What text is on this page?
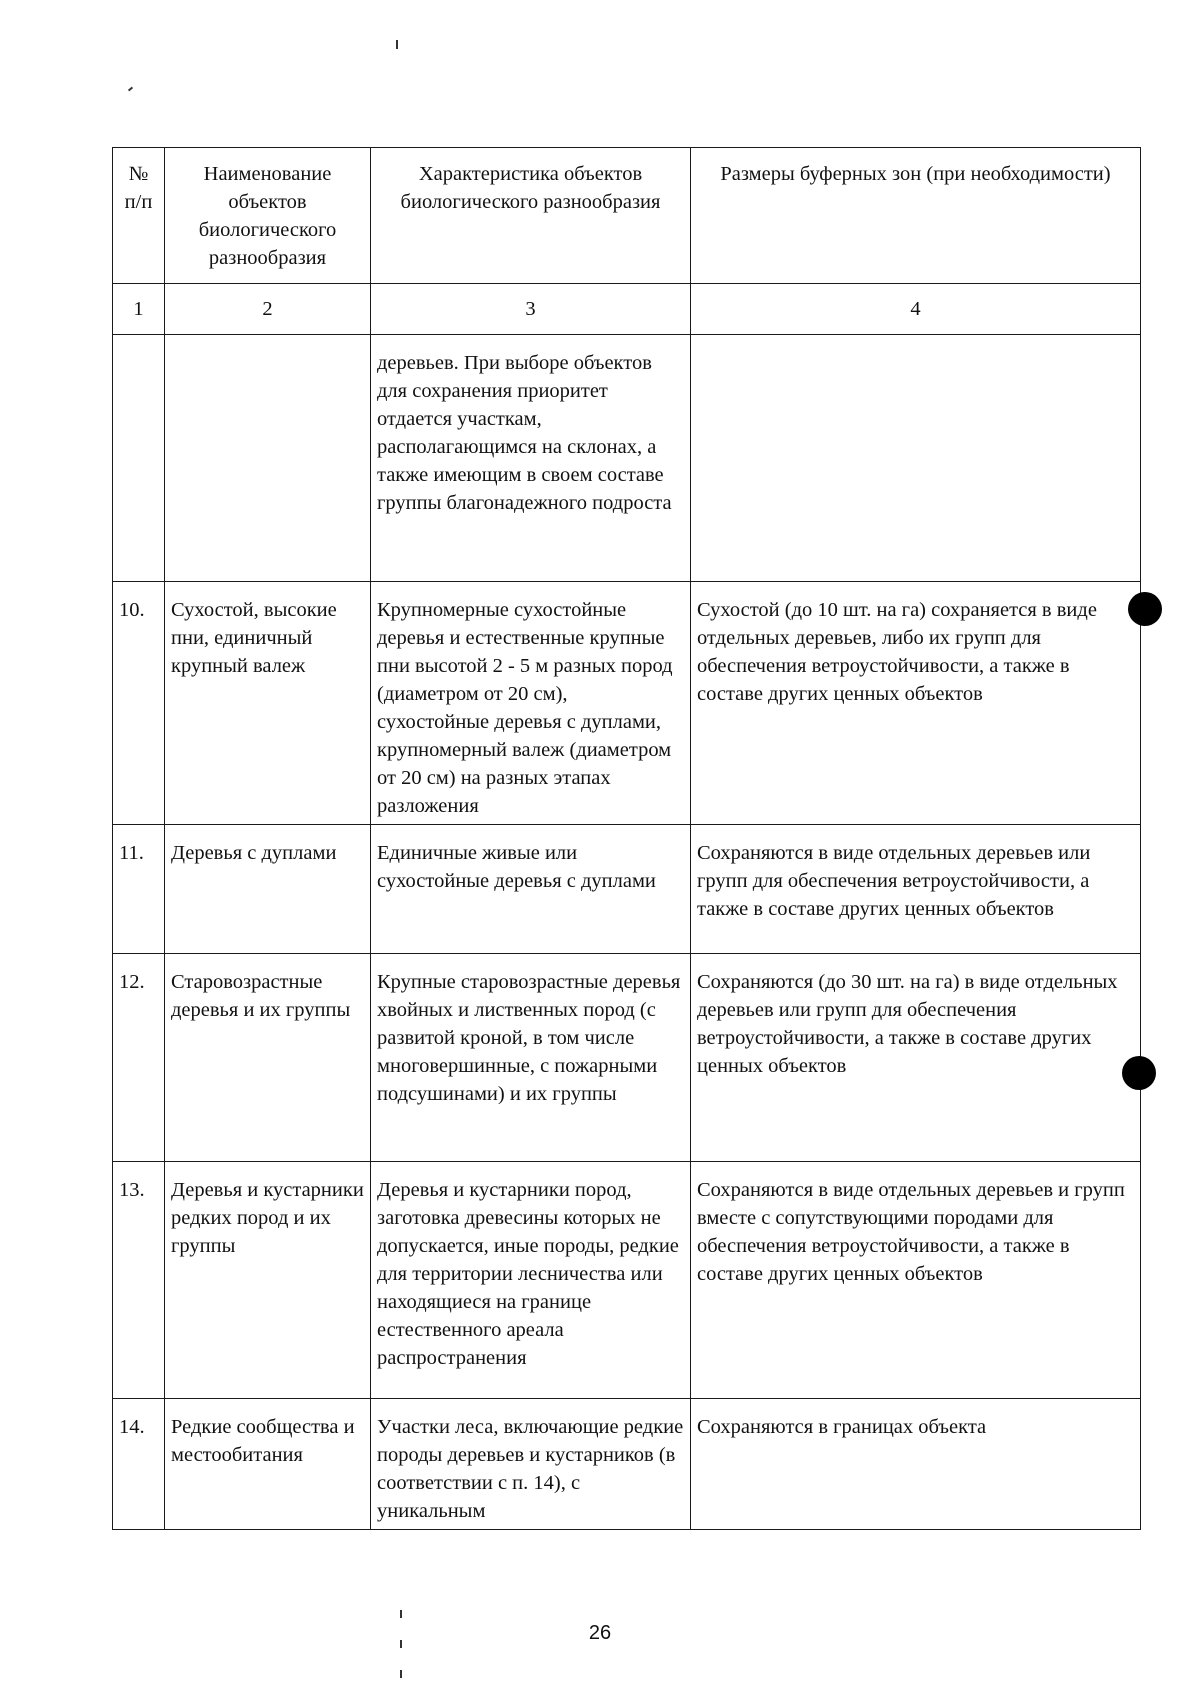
№ п/п	Наименование объектов биологического разнообразия	Характеристика объектов биологического разнообразия	Размеры буферных зон (при необходимости)
1	2	3	4
		деревьев. При выборе объектов для сохранения приоритет отдается участкам, располагающимся на склонах, а также имеющим в своем составе группы благонадежного подроста	
10.	Сухостой, высокие пни, единичный крупный валеж	Крупномерные сухостойные деревья и естественные крупные пни высотой 2 - 5 м разных пород (диаметром от 20 см), сухостойные деревья с дуплами, крупномерный валеж (диаметром от 20 см) на разных этапах разложения	Сухостой (до 10 шт. на га) сохраняется в виде отдельных деревьев, либо их групп для обеспечения ветроустойчивости, а также в составе других ценных объектов
11.	Деревья с дуплами	Единичные живые или сухостойные деревья с дуплами	Сохраняются в виде отдельных деревьев или групп для обеспечения ветроустойчивости, а также в составе других ценных объектов
12.	Старовозрастные деревья и их группы	Крупные старовозрастные деревья хвойных и лиственных пород (с развитой кроной, в том числе многовершинные, с пожарными подсушинами) и их группы	Сохраняются (до 30 шт. на га) в виде отдельных деревьев или групп для обеспечения ветроустойчивости, а также в составе других ценных объектов
13.	Деревья и кустарники редких пород и их группы	Деревья и кустарники пород, заготовка древесины которых не допускается, иные породы, редкие для территории лесничества или находящиеся на границе естественного ареала распространения	Сохраняются в виде отдельных деревьев и групп вместе с сопутствующими породами для обеспечения ветроустойчивости, а также в составе других ценных объектов
14.	Редкие сообщества и местообитания	Участки леса, включающие редкие породы деревьев и кустарников (в соответствии с п. 14), с уникальным	Сохраняются в границах объекта
26
